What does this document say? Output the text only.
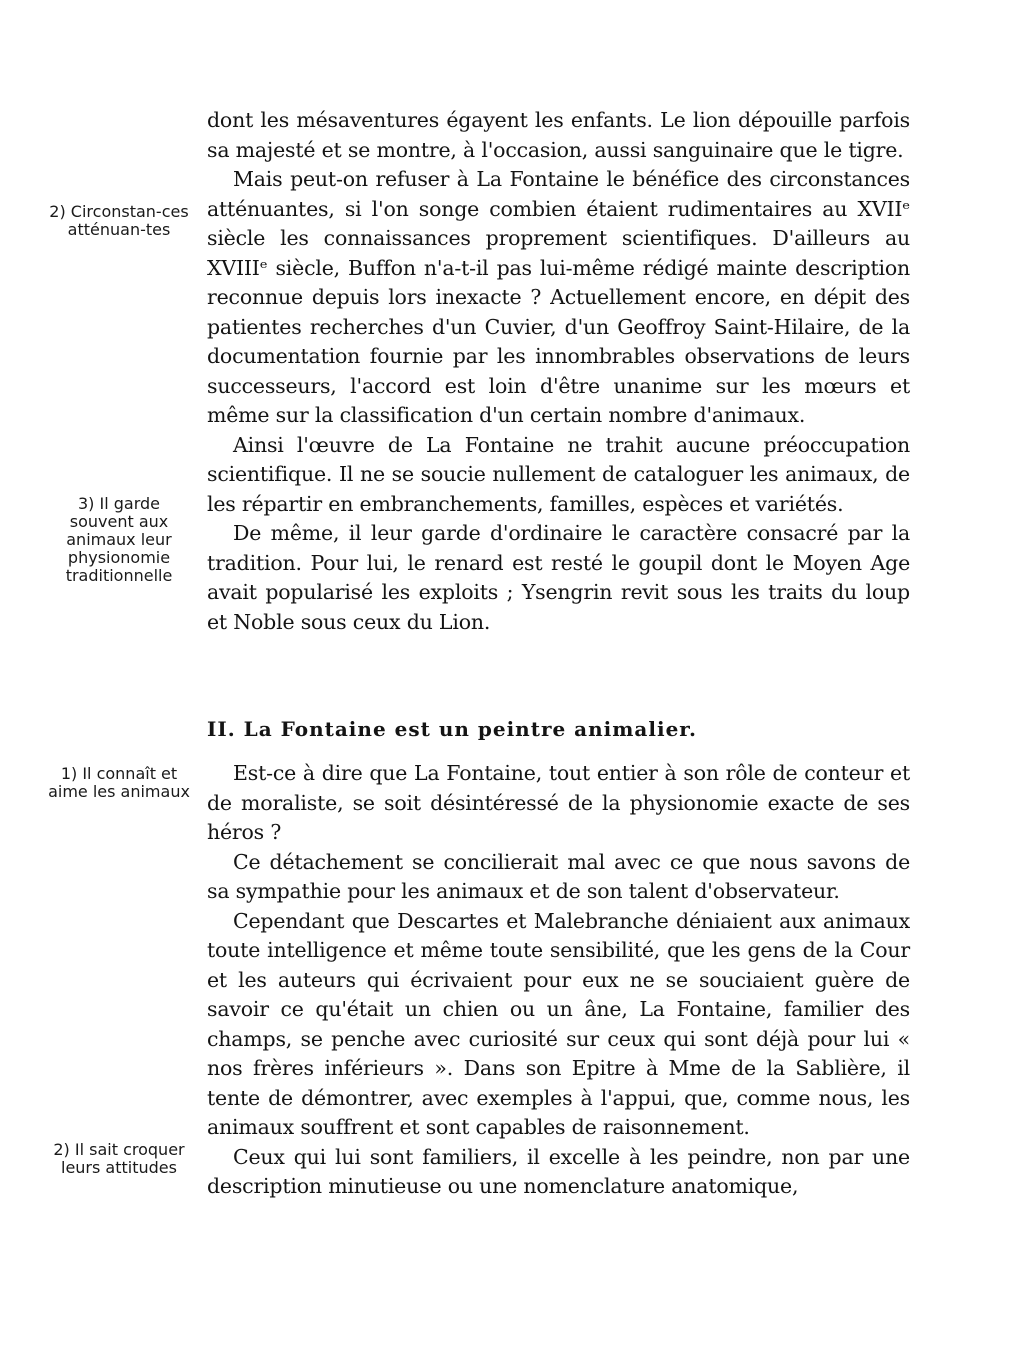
2) Circonstan-ces atténuan-tes
3) Il garde souvent aux animaux leur physionomie traditionnelle
1) Il connaît et aime les animaux
2) Il sait croquer leurs attitudes

dont les mésaventures égayent les enfants. Le lion dépouille parfois sa majesté et se montre, à l'occasion, aussi sanguinaire que le tigre.

Mais peut-on refuser à La Fontaine le bénéfice des circonstances atténuantes, si l'on songe combien étaient rudimentaires au XVIIᵉ siècle les connaissances proprement scientifiques. D'ailleurs au XVIIIᵉ siècle, Buffon n'a-t-il pas lui-même rédigé mainte description reconnue depuis lors inexacte ? Actuellement encore, en dépit des patientes recherches d'un Cuvier, d'un Geoffroy Saint-Hilaire, de la documentation fournie par les innombrables observations de leurs successeurs, l'accord est loin d'être unanime sur les mœurs et même sur la classification d'un certain nombre d'animaux.

Ainsi l'œuvre de La Fontaine ne trahit aucune préoccupation scientifique. Il ne se soucie nullement de cataloguer les animaux, de les répartir en embranchements, familles, espèces et variétés.

De même, il leur garde d'ordinaire le caractère consacré par la tradition. Pour lui, le renard est resté le goupil dont le Moyen Age avait popularisé les exploits ; Ysengrin revit sous les traits du loup et Noble sous ceux du Lion.

II. La Fontaine est un peintre animalier.

Est-ce à dire que La Fontaine, tout entier à son rôle de conteur et de moraliste, se soit désintéressé de la physionomie exacte de ses héros ?

Ce détachement se concilierait mal avec ce que nous savons de sa sympathie pour les animaux et de son talent d'observateur.

Cependant que Descartes et Malebranche déniaient aux animaux toute intelligence et même toute sensibilité, que les gens de la Cour et les auteurs qui écrivaient pour eux ne se souciaient guère de savoir ce qu'était un chien ou un âne, La Fontaine, familier des champs, se penche avec curiosité sur ceux qui sont déjà pour lui « nos frères inférieurs ». Dans son Epitre à Mme de la Sablière, il tente de démontrer, avec exemples à l'appui, que, comme nous, les animaux souffrent et sont capables de raisonnement.

Ceux qui lui sont familiers, il excelle à les peindre, non par une description minutieuse ou une nomenclature anatomique,
